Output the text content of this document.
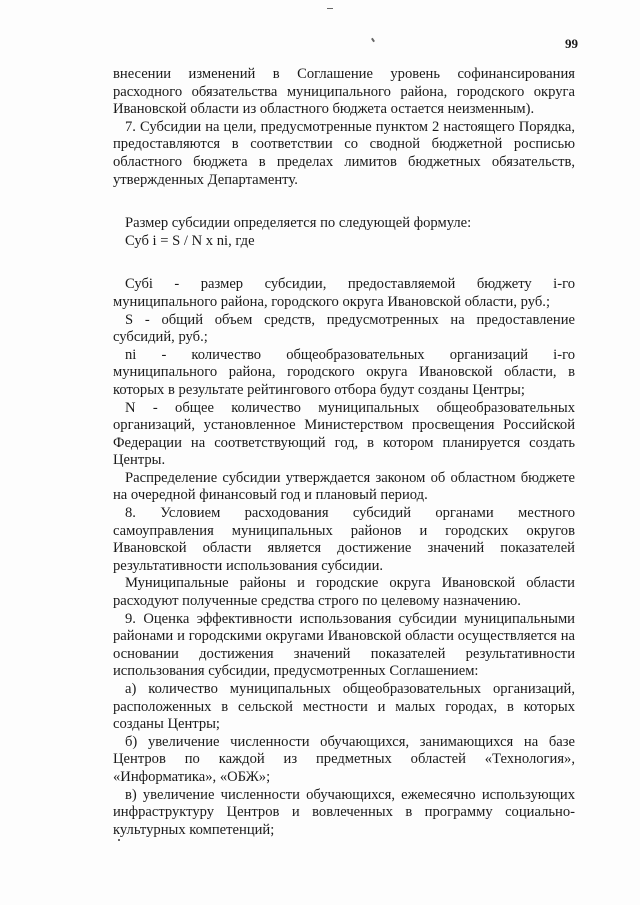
99

внесении изменений в Соглашение уровень софинансирования расходного обязательства муниципального района, городского округа Ивановской области из областного бюджета остается неизменным).

7. Субсидии на цели, предусмотренные пунктом 2 настоящего Порядка, предоставляются в соответствии со сводной бюджетной росписью областного бюджета в пределах лимитов бюджетных обязательств, утвержденных Департаменту.

Размер субсидии определяется по следующей формуле:

Суб i = S / N x ni, где

Субi - размер субсидии, предоставляемой бюджету i-го муниципального района, городского округа Ивановской области, руб.;

S - общий объем средств, предусмотренных на предоставление субсидий, руб.;

ni - количество общеобразовательных организаций i-го муниципального района, городского округа Ивановской области, в которых в результате рейтингового отбора будут созданы Центры;

N - общее количество муниципальных общеобразовательных организаций, установленное Министерством просвещения Российской Федерации на соответствующий год, в котором планируется создать Центры.

Распределение субсидии утверждается законом об областном бюджете на очередной финансовый год и плановый период.

8. Условием расходования субсидий органами местного самоуправления муниципальных районов и городских округов Ивановской области является достижение значений показателей результативности использования субсидии.

Муниципальные районы и городские округа Ивановской области расходуют полученные средства строго по целевому назначению.

9. Оценка эффективности использования субсидии муниципальными районами и городскими округами Ивановской области осуществляется на основании достижения значений показателей результативности использования субсидии, предусмотренных Соглашением:

а) количество муниципальных общеобразовательных организаций, расположенных в сельской местности и малых городах, в которых созданы Центры;

б) увеличение численности обучающихся, занимающихся на базе Центров по каждой из предметных областей «Технология», «Информатика», «ОБЖ»;

в) увеличение численности обучающихся, ежемесячно использующих инфраструктуру Центров и вовлеченных в программу социально-культурных компетенций;
